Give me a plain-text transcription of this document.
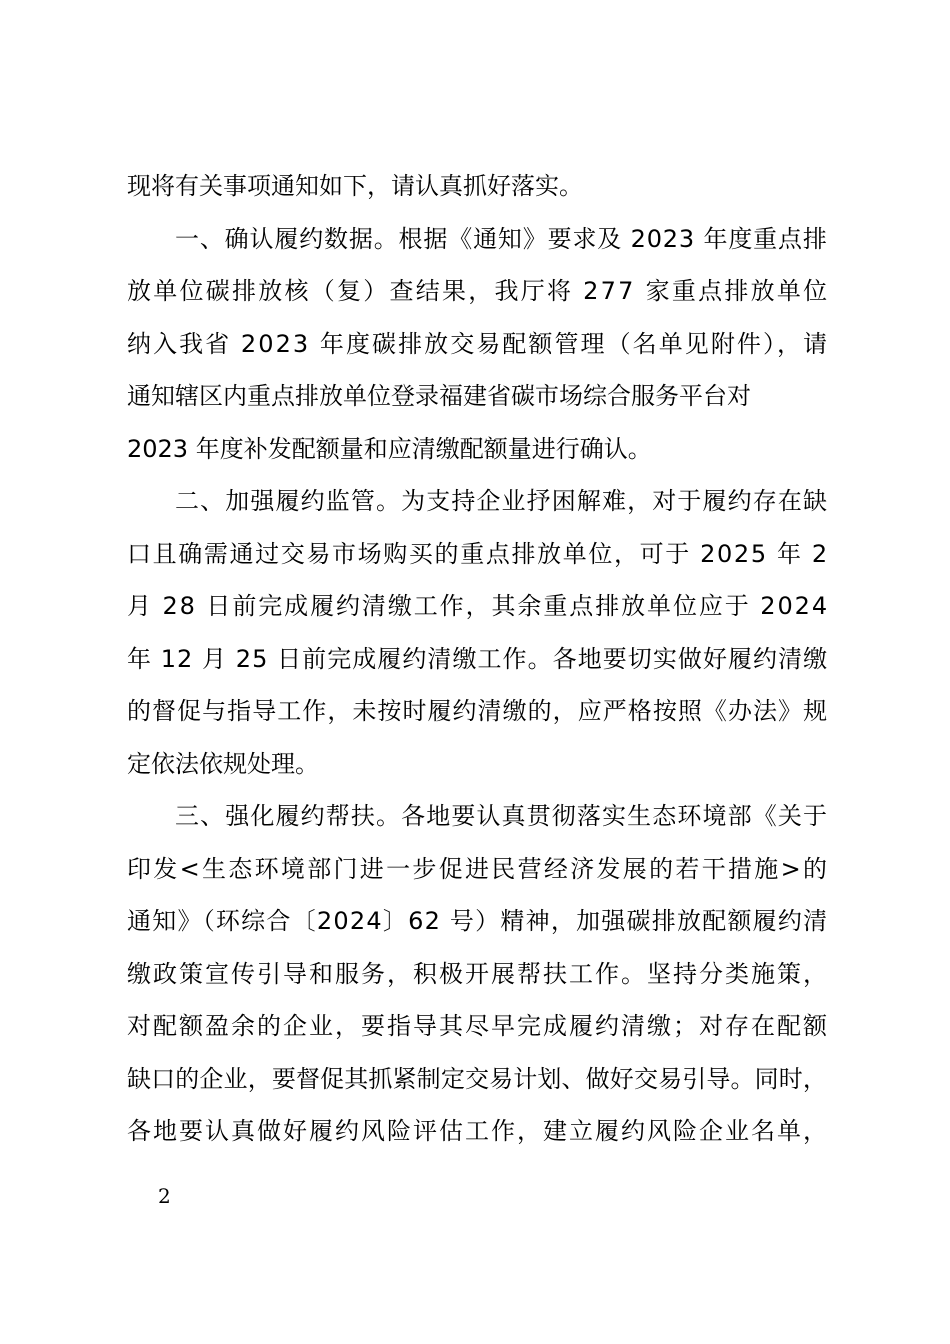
现将有关事项通知如下，请认真抓好落实。
一、确认履约数据。根据《通知》要求及 2023 年度重点排
放单位碳排放核（复）查结果，我厅将 277 家重点排放单位
纳入我省 2023 年度碳排放交易配额管理（名单见附件），请
通知辖区内重点排放单位登录福建省碳市场综合服务平台对
2023 年度补发配额量和应清缴配额量进行确认。
二、加强履约监管。为支持企业抒困解难，对于履约存在缺
口且确需通过交易市场购买的重点排放单位，可于 2025 年 2
月 28 日前完成履约清缴工作，其余重点排放单位应于 2024
年 12 月 25 日前完成履约清缴工作。各地要切实做好履约清缴
的督促与指导工作，未按时履约清缴的，应严格按照《办法》规
定依法依规处理。
三、强化履约帮扶。各地要认真贯彻落实生态环境部《关于
印发<生态环境部门进一步促进民营经济发展的若干措施>的
通知》（环综合〔2024〕62 号）精神，加强碳排放配额履约清
缴政策宣传引导和服务，积极开展帮扶工作。坚持分类施策，
对配额盈余的企业，要指导其尽早完成履约清缴；对存在配额
缺口的企业，要督促其抓紧制定交易计划、做好交易引导。同时，
各地要认真做好履约风险评估工作，建立履约风险企业名单，
2
